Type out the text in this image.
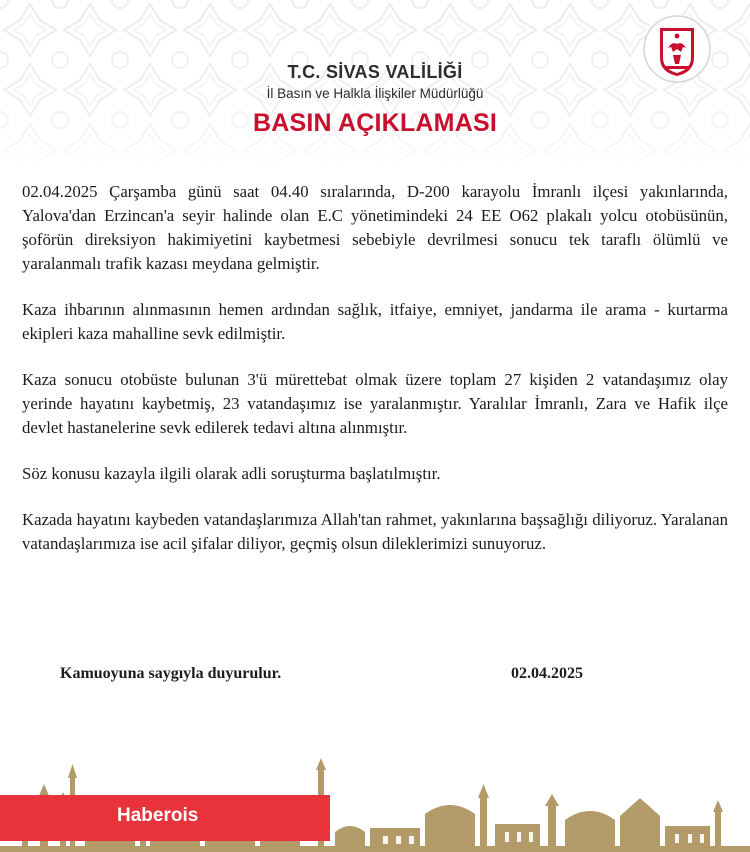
T.C. SİVAS VALİLİĞİ

İl Basın ve Halkla İlişkiler Müdürlüğü

BASIN AÇIKLAMASI

02.04.2025 Çarşamba günü saat 04.40 sıralarında, D-200 karayolu İmranlı ilçesi yakınlarında, Yalova'dan Erzincan'a seyir halinde olan E.C yönetimindeki 24 EE O62 plakalı yolcu otobüsünün, şoförün direksiyon hakimiyetini kaybetmesi sebebiyle devrilmesi sonucu tek taraflı ölümlü ve yaralanmalı trafik kazası meydana gelmiştir.

Kaza ihbarının alınmasının hemen ardından sağlık, itfaiye, emniyet, jandarma ile arama - kurtarma ekipleri kaza mahalline sevk edilmiştir.

Kaza sonucu otobüste bulunan 3'ü mürettebat olmak üzere toplam 27 kişiden 2 vatandaşımız olay yerinde hayatını kaybetmiş, 23 vatandaşımız ise yaralanmıştır. Yaralılar İmranlı, Zara ve Hafik ilçe devlet hastanelerine sevk edilerek tedavi altına alınmıştır.

Söz konusu kazayla ilgili olarak adli soruşturma başlatılmıştır.

Kazada hayatını kaybeden vatandaşlarımıza Allah'tan rahmet, yakınlarına başsağlığı diliyoruz. Yaralanan vatandaşlarımıza ise acil şifalar diliyor, geçmiş olsun dileklerimizi sunuyoruz.

Kamuoyuna saygıyla duyurulur.	02.04.2025

Haberois
